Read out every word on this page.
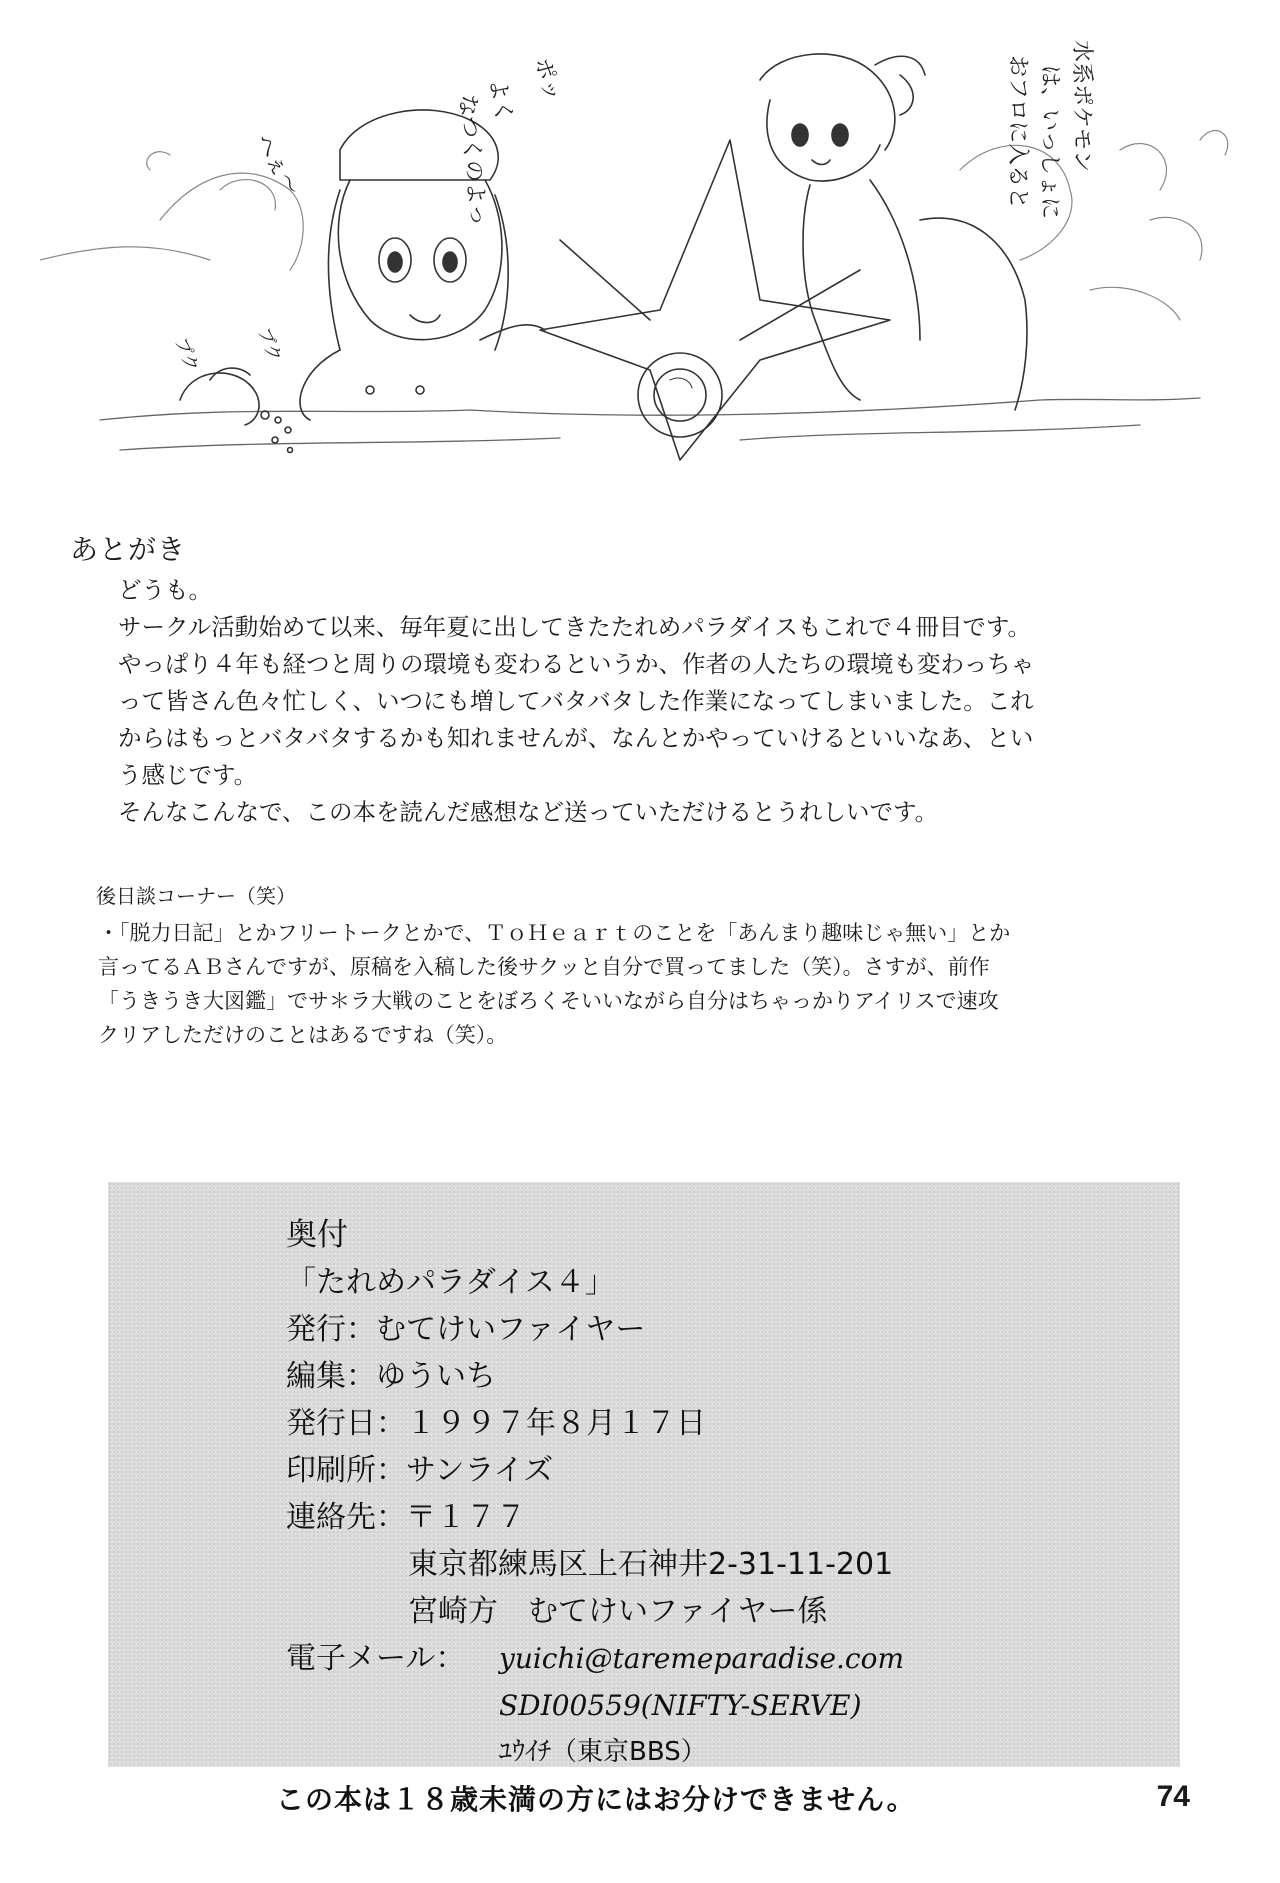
へぇ〜
ポッ
よく
なつくのよっ
プク	ブク
水系ポケモン
は、いっしょに
おフロに入ると
あとがき

どうも。

サークル活動始めて以来、毎年夏に出してきたたれめパラダイスもこれで４冊目です。

やっぱり４年も経つと周りの環境も変わるというか、作者の人たちの環境も変わっちゃ

って皆さん色々忙しく、いつにも増してバタバタした作業になってしまいました。これ

からはもっとバタバタするかも知れませんが、なんとかやっていけるといいなあ、とい

う感じです。

そんなこんなで、この本を読んだ感想など送っていただけるとうれしいです。

後日談コーナー（笑）

・「脱力日記」とかフリートークとかで、ＴｏＨｅａｒｔのことを「あんまり趣味じゃ無い」とか

言ってるＡＢさんですが、原稿を入稿した後サクッと自分で買ってました（笑）。さすが、前作

「うきうき大図鑑」でサ＊ラ大戦のことをぼろくそいいながら自分はちゃっかりアイリスで速攻

クリアしただけのことはあるですね（笑）。

奥付

「たれめパラダイス４」

発行：むてけいファイヤー

編集：ゆういち

発行日：１９９７年８月１７日

印刷所：サンライズ

連絡先：〒１７７

東京都練馬区上石神井2-31-11-201

宮崎方　むてけいファイヤー係

電子メール：	yuichi@taremeparadise.com

SDI00559(NIFTY-SERVE)

ﾕｳｲﾁ（東京BBS）

この本は１８歳未満の方にはお分けできません。	74
